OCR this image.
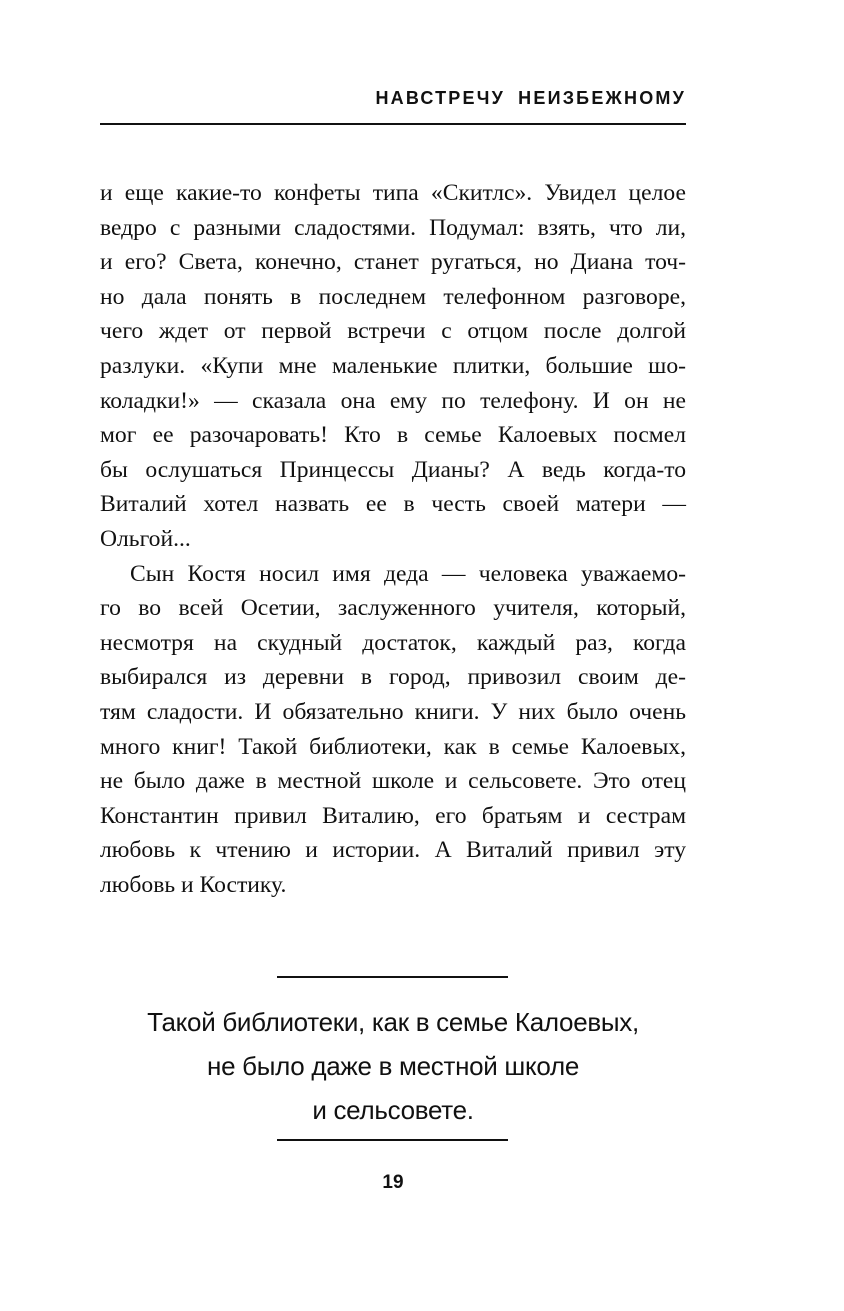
НАВСТРЕЧУ НЕИЗБЕЖНОМУ

и еще какие-то конфеты типа «Скитлс». Увидел целое
ведро с разными сладостями. Подумал: взять, что ли,
и его? Света, конечно, станет ругаться, но Диана точ-
но дала понять в последнем телефонном разговоре,
чего ждет от первой встречи с отцом после долгой
разлуки. «Купи мне маленькие плитки, большие шо-
коладки!» — сказала она ему по телефону. И он не
мог ее разочаровать! Кто в семье Калоевых посмел
бы ослушаться Принцессы Дианы? А ведь когда-то
Виталий хотел назвать ее в честь своей матери —
Ольгой...

Сын Костя носил имя деда — человека уважаемо-
го во всей Осетии, заслуженного учителя, который,
несмотря на скудный достаток, каждый раз, когда
выбирался из деревни в город, привозил своим де-
тям сладости. И обязательно книги. У них было очень
много книг! Такой библиотеки, как в семье Калоевых,
не было даже в местной школе и сельсовете. Это отец
Константин привил Виталию, его братьям и сестрам
любовь к чтению и истории. А Виталий привил эту
любовь и Костику.

Такой библиотеки, как в семье Калоевых,
не было даже в местной школе
и сельсовете.
19
